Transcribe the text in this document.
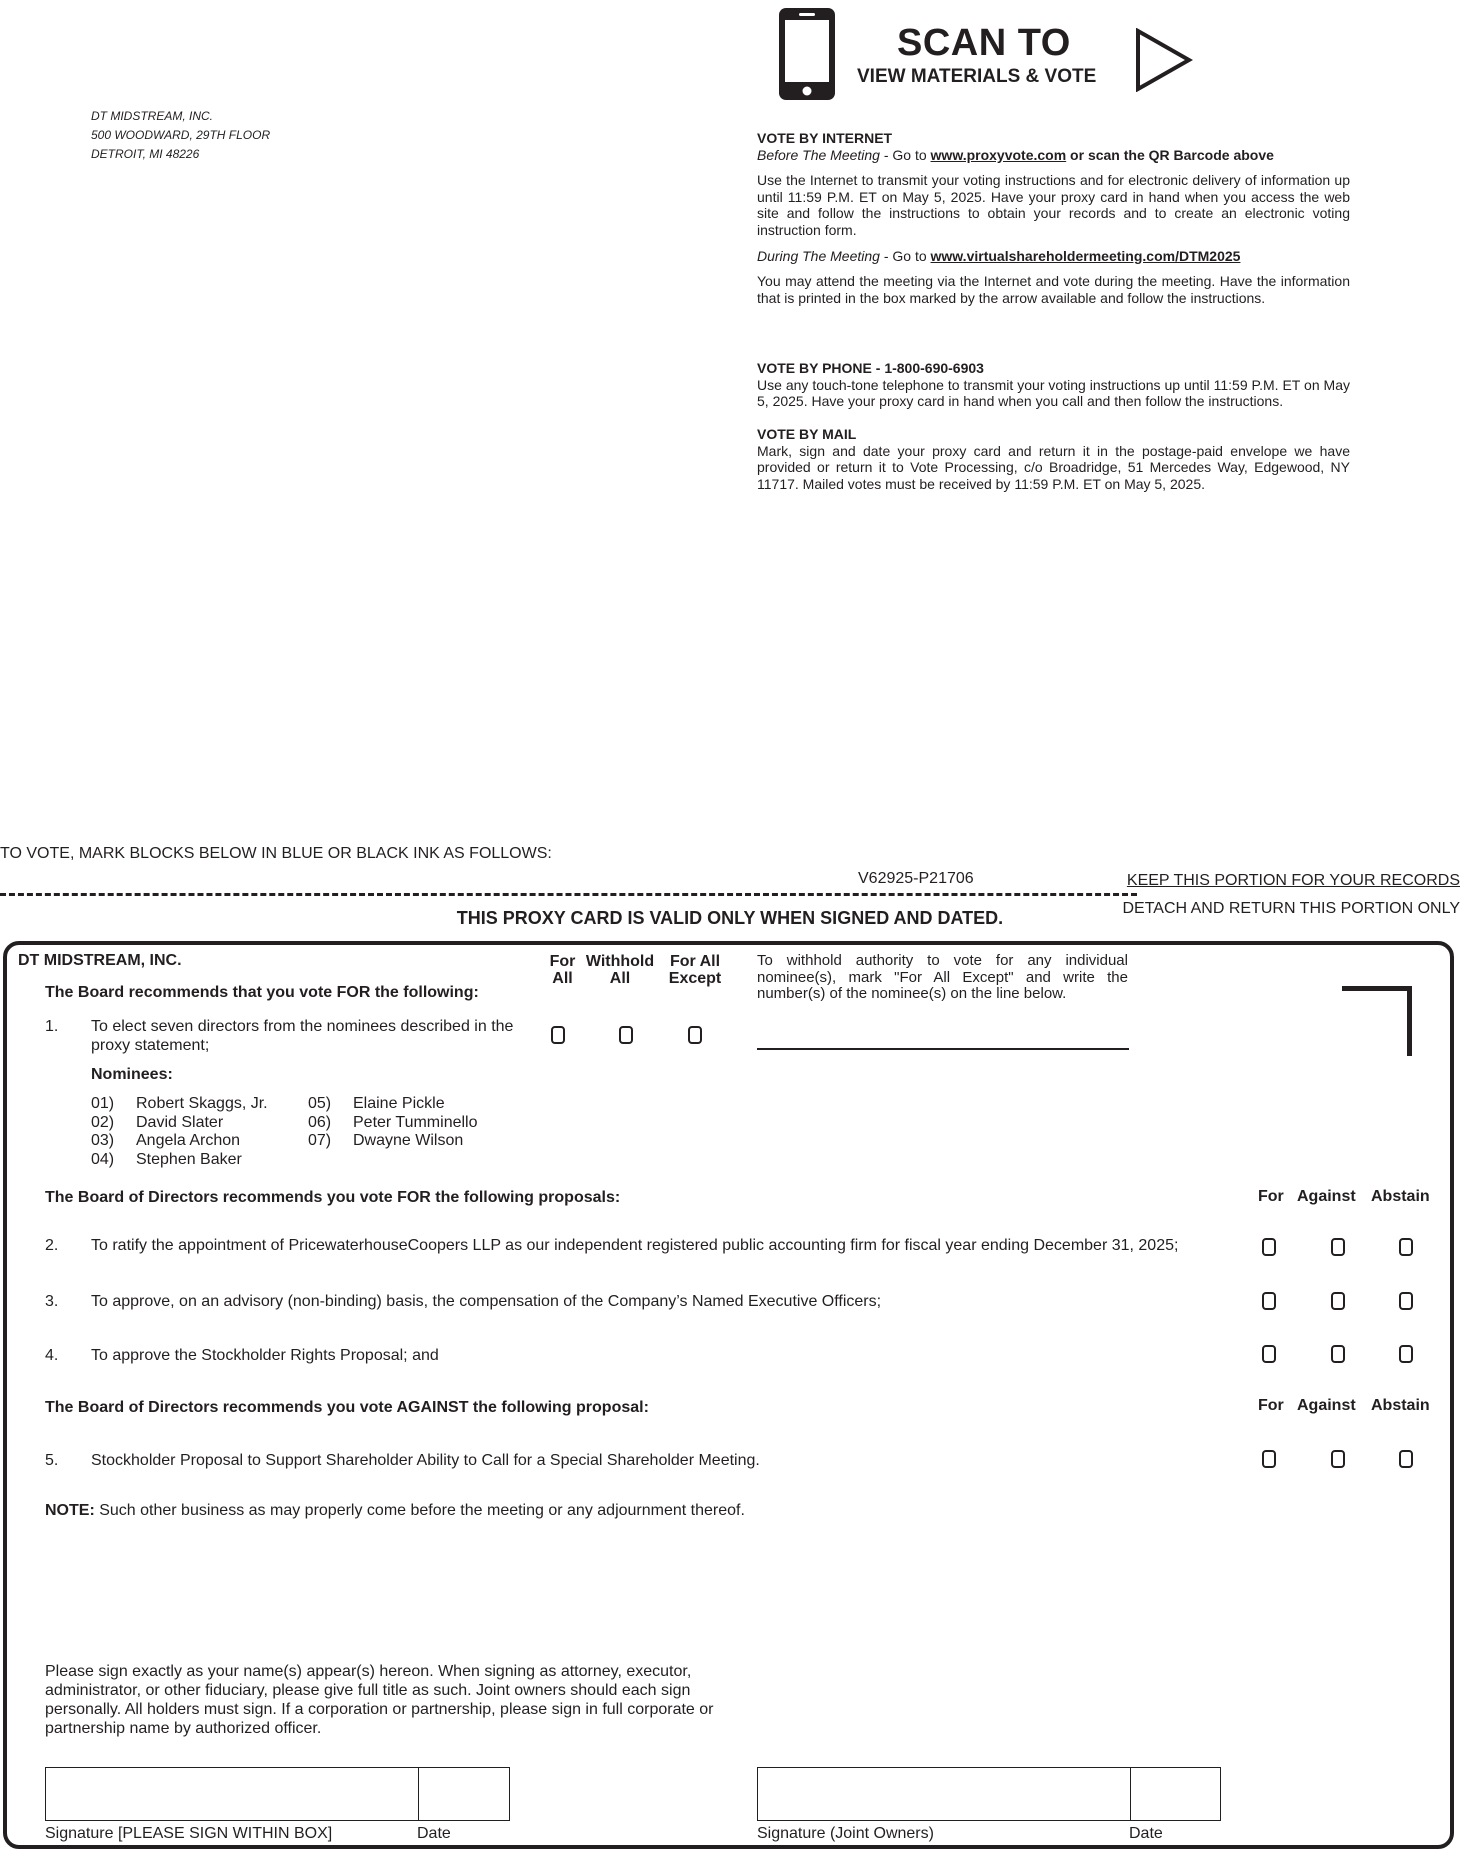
DT MIDSTREAM, INC.
500 WOODWARD, 29TH FLOOR
DETROIT, MI 48226
SCAN TO
VIEW MATERIALS & VOTE
VOTE BY INTERNET
Before The Meeting - Go to www.proxyvote.com or scan the QR Barcode above

Use the Internet to transmit your voting instructions and for electronic delivery of information up until 11:59 P.M. ET on May 5, 2025. Have your proxy card in hand when you access the web site and follow the instructions to obtain your records and to create an electronic voting instruction form.

During The Meeting - Go to www.virtualshareholdermeeting.com/DTM2025

You may attend the meeting via the Internet and vote during the meeting. Have the information that is printed in the box marked by the arrow available and follow the instructions.

VOTE BY PHONE - 1-800-690-6903

Use any touch-tone telephone to transmit your voting instructions up until 11:59 P.M. ET on May 5, 2025. Have your proxy card in hand when you call and then follow the instructions.

VOTE BY MAIL

Mark, sign and date your proxy card and return it in the postage-paid envelope we have provided or return it to Vote Processing, c/o Broadridge, 51 Mercedes Way, Edgewood, NY 11717. Mailed votes must be received by 11:59 P.M. ET on May 5, 2025.

TO VOTE, MARK BLOCKS BELOW IN BLUE OR BLACK INK AS FOLLOWS:
V62925-P21706	KEEP THIS PORTION FOR YOUR RECORDS
DETACH AND RETURN THIS PORTION ONLY
THIS PROXY CARD IS VALID ONLY WHEN SIGNED AND DATED.
DT MIDSTREAM, INC.
The Board recommends that you vote FOR the following:
For
All
Withhold
All
For All
Except
To withhold authority to vote for any individual nominee(s), mark "For All Except" and write the number(s) of the nominee(s) on the line below.
1. To elect seven directors from the nominees described in the proxy statement;
Nominees:
01) Robert Skaggs, Jr.
02) David Slater
03) Angela Archon
04) Stephen Baker
05) Elaine Pickle
06) Peter Tumminello
07) Dwayne Wilson
The Board of Directors recommends you vote FOR the following proposals:	For Against Abstain
2. To ratify the appointment of PricewaterhouseCoopers LLP as our independent registered public accounting firm for fiscal year ending December 31, 2025;
3. To approve, on an advisory (non-binding) basis, the compensation of the Company’s Named Executive Officers;
4. To approve the Stockholder Rights Proposal; and
The Board of Directors recommends you vote AGAINST the following proposal:	For Against Abstain
5. Stockholder Proposal to Support Shareholder Ability to Call for a Special Shareholder Meeting.
NOTE: Such other business as may properly come before the meeting or any adjournment thereof.
Please sign exactly as your name(s) appear(s) hereon. When signing as attorney, executor, administrator, or other fiduciary, please give full title as such. Joint owners should each sign personally. All holders must sign. If a corporation or partnership, please sign in full corporate or partnership name by authorized officer.
Signature [PLEASE SIGN WITHIN BOX]	Date	Signature (Joint Owners)	Date
